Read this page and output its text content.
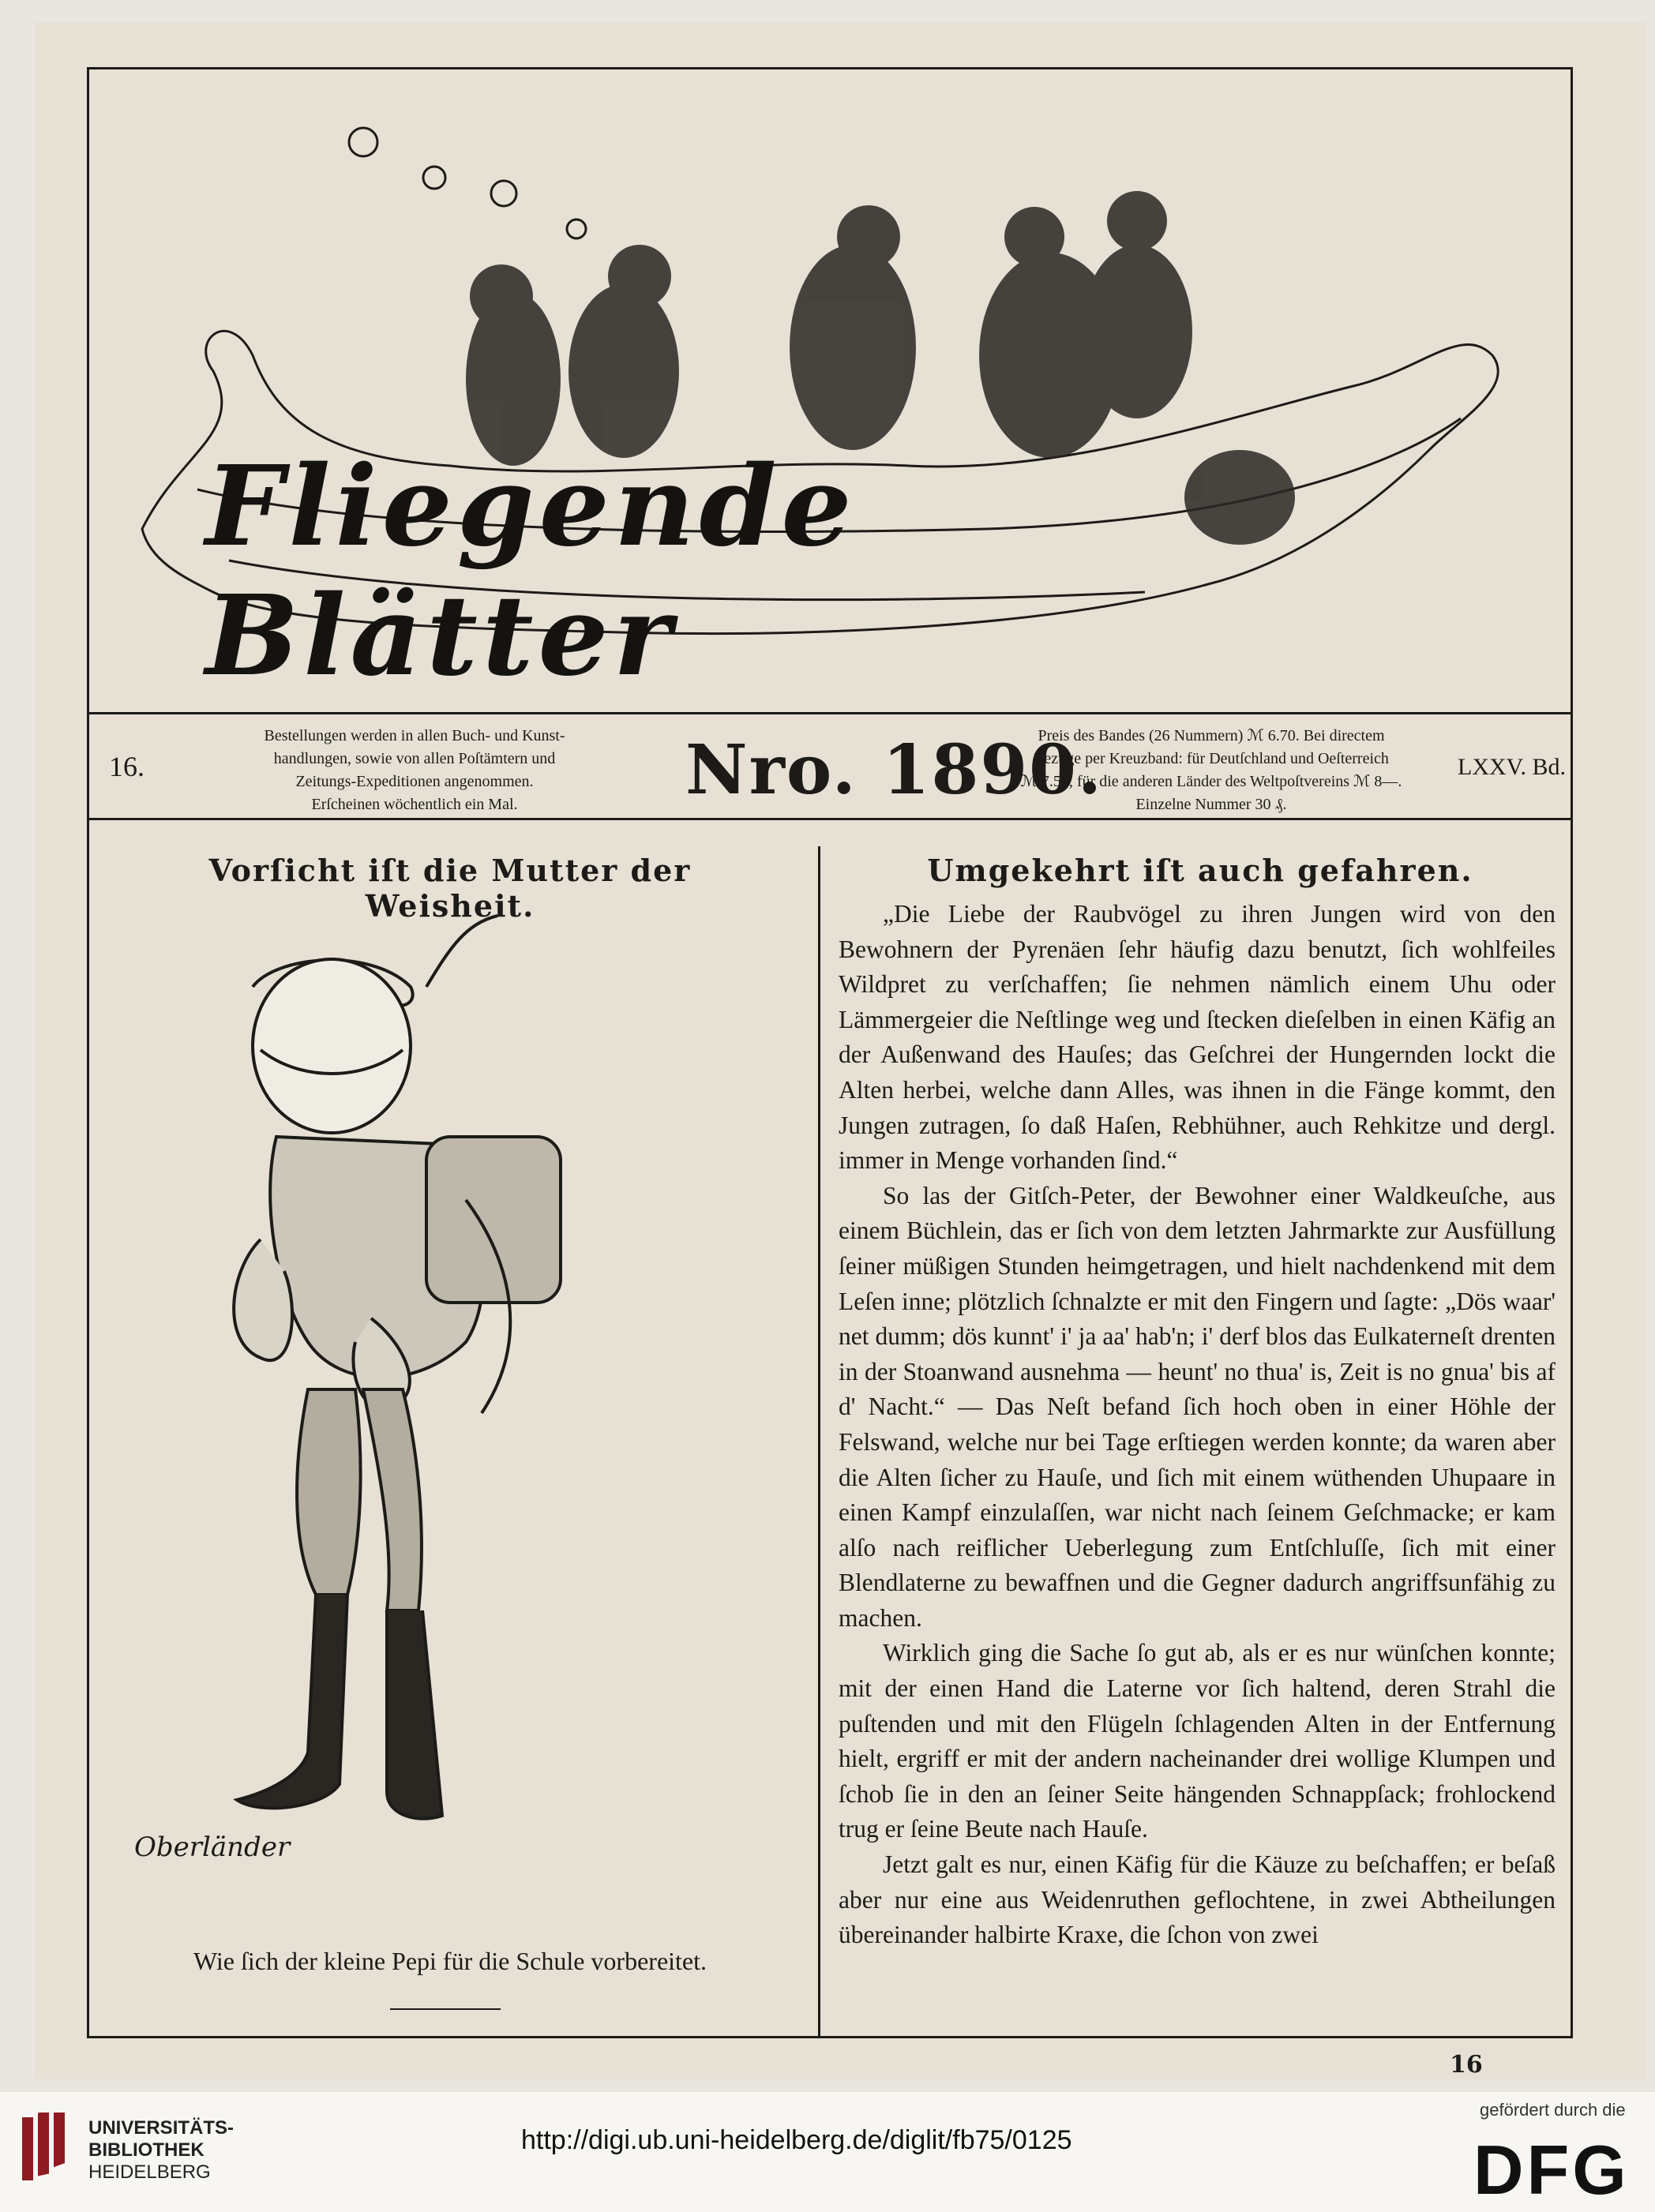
Fliegende Blätter
16.
Bestellungen werden in allen Buch- und Kunst-
handlungen, sowie von allen Poſtämtern und
Zeitungs-Expeditionen angenommen.
Erſcheinen wöchentlich ein Mal.	Nro. 1890.
Preis des Bandes (26 Nummern) ℳ 6.70. Bei directem
Bezuge per Kreuzband: für Deutſchland und Oeſterreich
ℳ 7.50, für die anderen Länder des Weltpoſtvereins ℳ 8—.
Einzelne Nummer 30 ₰.
LXXV. Bd.
Vorſicht iſt die Mutter der Weisheit.
Oberländer
Wie ſich der kleine Pepi für die Schule vorbereitet.
Umgekehrt iſt auch gefahren.

„Die Liebe der Raubvögel zu ihren Jungen wird von den Bewohnern der Pyrenäen ſehr häufig dazu benutzt, ſich wohlfeiles Wildpret zu verſchaffen; ſie nehmen nämlich einem Uhu oder Lämmergeier die Neſtlinge weg und ſtecken dieſelben in einen Käfig an der Außenwand des Hauſes; das Geſchrei der Hungernden lockt die Alten herbei, welche dann Alles, was ihnen in die Fänge kommt, den Jungen zutragen, ſo daß Haſen, Rebhühner, auch Rehkitze und dergl. immer in Menge vorhanden ſind.“

So las der Gitſch-Peter, der Bewohner einer Waldkeuſche, aus einem Büchlein, das er ſich von dem letzten Jahrmarkte zur Ausfüllung ſeiner müßigen Stunden heimgetragen, und hielt nachdenkend mit dem Leſen inne; plötzlich ſchnalzte er mit den Fingern und ſagte: „Dös waar' net dumm; dös kunnt' i' ja aa' hab'n; i' derf blos das Eulkaterneſt drenten in der Stoanwand ausnehma — heunt' no thua' is, Zeit is no gnua' bis af d' Nacht.“ — Das Neſt befand ſich hoch oben in einer Höhle der Felswand, welche nur bei Tage erſtiegen werden konnte; da waren aber die Alten ſicher zu Hauſe, und ſich mit einem wüthenden Uhupaare in einen Kampf einzulaſſen, war nicht nach ſeinem Geſchmacke; er kam alſo nach reiflicher Ueberlegung zum Entſchluſſe, ſich mit einer Blendlaterne zu bewaffnen und die Gegner dadurch angriffsunfähig zu machen.

Wirklich ging die Sache ſo gut ab, als er es nur wünſchen konnte; mit der einen Hand die Laterne vor ſich haltend, deren Strahl die puſtenden und mit den Flügeln ſchlagenden Alten in der Entfernung hielt, ergriff er mit der andern nacheinander drei wollige Klumpen und ſchob ſie in den an ſeiner Seite hängenden Schnappſack; frohlockend trug er ſeine Beute nach Hauſe.

Jetzt galt es nur, einen Käfig für die Käuze zu beſchaffen; er beſaß aber nur eine aus Weidenruthen geflochtene, in zwei Abtheilungen übereinander halbirte Kraxe, die ſchon von zwei

16
UNIVERSITÄTS-
BIBLIOTHEK
HEIDELBERG
http://digi.ub.uni-heidelberg.de/diglit/fb75/0125
gefördert durch die
DFG
